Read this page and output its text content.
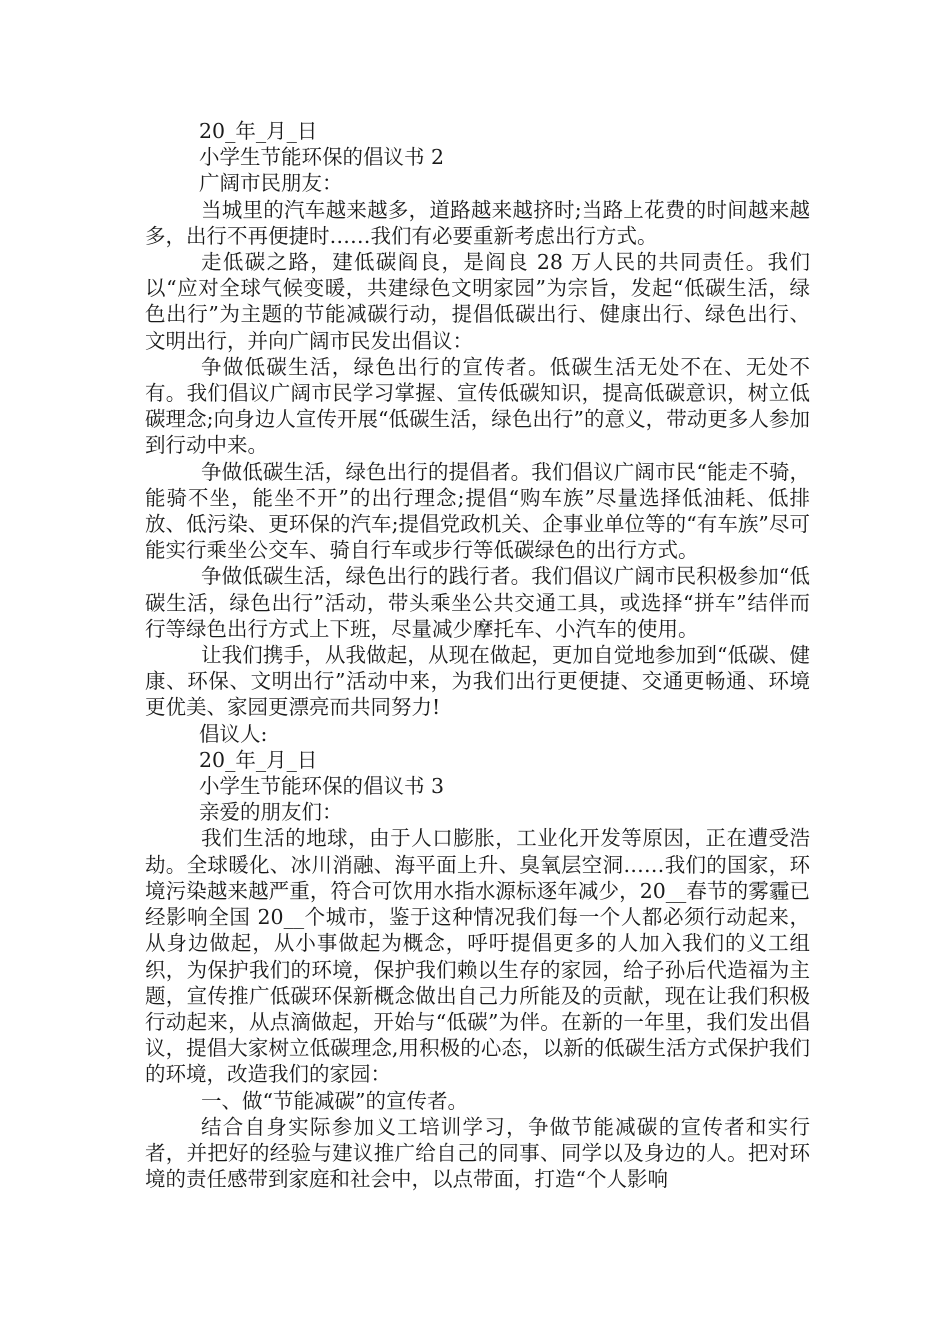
20_年_月_日

小学生节能环保的倡议书 2

广阔市民朋友：

当城里的汽车越来越多，道路越来越挤时;当路上花费的时间越来越多，出行不再便捷时……我们有必要重新考虑出行方式。

走低碳之路，建低碳阎良，是阎良 28 万人民的共同责任。我们以“应对全球气候变暖，共建绿色文明家园”为宗旨，发起“低碳生活，绿色出行”为主题的节能减碳行动，提倡低碳出行、健康出行、绿色出行、文明出行，并向广阔市民发出倡议：

争做低碳生活，绿色出行的宣传者。低碳生活无处不在、无处不有。我们倡议广阔市民学习掌握、宣传低碳知识，提高低碳意识，树立低碳理念;向身边人宣传开展“低碳生活，绿色出行”的意义，带动更多人参加到行动中来。

争做低碳生活，绿色出行的提倡者。我们倡议广阔市民“能走不骑，能骑不坐，能坐不开”的出行理念;提倡“购车族”尽量选择低油耗、低排放、低污染、更环保的汽车;提倡党政机关、企事业单位等的“有车族”尽可能实行乘坐公交车、骑自行车或步行等低碳绿色的出行方式。

争做低碳生活，绿色出行的践行者。我们倡议广阔市民积极参加“低碳生活，绿色出行”活动，带头乘坐公共交通工具，或选择“拼车”结伴而行等绿色出行方式上下班，尽量减少摩托车、小汽车的使用。

让我们携手，从我做起，从现在做起，更加自觉地参加到“低碳、健康、环保、文明出行”活动中来，为我们出行更便捷、交通更畅通、环境更优美、家园更漂亮而共同努力!

倡议人:

20_年_月_日

小学生节能环保的倡议书 3

亲爱的朋友们：

我们生活的地球，由于人口膨胀，工业化开发等原因，正在遭受浩劫。全球暖化、冰川消融、海平面上升、臭氧层空洞……我们的国家，环境污染越来越严重，符合可饮用水指水源标逐年减少，20__春节的雾霾已经影响全国 20__个城市，鉴于这种情况我们每一个人都必须行动起来，从身边做起，从小事做起为概念，呼吁提倡更多的人加入我们的义工组织，为保护我们的环境，保护我们赖以生存的家园，给子孙后代造福为主题，宣传推广低碳环保新概念做出自己力所能及的贡献，现在让我们积极行动起来，从点滴做起，开始与“低碳”为伴。在新的一年里，我们发出倡议，提倡大家树立低碳理念,用积极的心态，以新的低碳生活方式保护我们的环境，改造我们的家园：

一、做“节能减碳”的宣传者。

结合自身实际参加义工培训学习，争做节能减碳的宣传者和实行者，并把好的经验与建议推广给自己的同事、同学以及身边的人。把对环境的责任感带到家庭和社会中，以点带面，打造“个人影响
